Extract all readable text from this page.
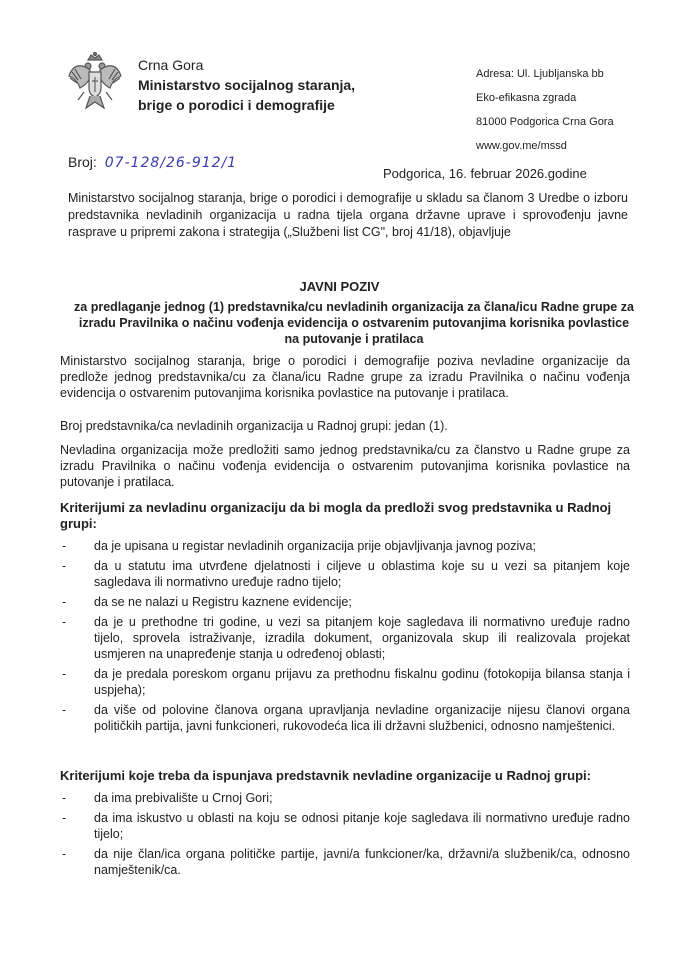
Crna Gora
Ministarstvo socijalnog staranja,
brige o porodici i demografije
Adresa: Ul. Ljubljanska bb
Eko-efikasna zgrada
81000 Podgorica Crna Gora
www.gov.me/mssd
Broj: 07-128/26-912/1
Podgorica, 16. februar 2026.godine
Ministarstvo socijalnog staranja, brige o porodici i demografije u skladu sa članom 3 Uredbe o izboru predstavnika nevladinih organizacija u radna tijela organa državne uprave i sprovođenju javne rasprave u pripremi zakona i strategija („Službeni list CG", broj 41/18), objavljuje
JAVNI POZIV
za predlaganje jednog (1) predstavnika/cu nevladinih organizacija za člana/icu Radne grupe za izradu Pravilnika o načinu vođenja evidencija o ostvarenim putovanjima korisnika povlastice na putovanje i pratilaca
Ministarstvo socijalnog staranja, brige o porodici i demografije poziva nevladine organizacije da predlože jednog predstavnika/cu za člana/icu Radne grupe za izradu Pravilnika o načinu vođenja evidencija o ostvarenim putovanjima korisnika povlastice na putovanje i pratilaca.
Broj predstavnika/ca nevladinih organizacija u Radnoj grupi: jedan (1).
Nevladina organizacija može predložiti samo jednog predstavnika/cu za članstvo u Radne grupe za izradu Pravilnika o načinu vođenja evidencija o ostvarenim putovanjima korisnika povlastice na putovanje i pratilaca.
Kriterijumi za nevladinu organizaciju da bi mogla da predloži svog predstavnika u Radnoj grupi:
- da je upisana u registar nevladinih organizacija prije objavljivanja javnog poziva;
- da u statutu ima utvrđene djelatnosti i ciljeve u oblastima koje su u vezi sa pitanjem koje sagledava ili normativno uređuje radno tijelo;
- da se ne nalazi u Registru kaznene evidencije;
- da je u prethodne tri godine, u vezi sa pitanjem koje sagledava ili normativno uređuje radno tijelo, sprovela istraživanje, izradila dokument, organizovala skup ili realizovala projekat usmjeren na unapređenje stanja u određenoj oblasti;
- da je predala poreskom organu prijavu za prethodnu fiskalnu godinu (fotokopija bilansa stanja i uspjeha);
- da više od polovine članova organa upravljanja nevladine organizacije nijesu članovi organa političkih partija, javni funkcioneri, rukovodeća lica ili državni službenici, odnosno namještenici.
Kriterijumi koje treba da ispunjava predstavnik nevladine organizacije u Radnoj grupi:
- da ima prebivalište u Crnoj Gori;
- da ima iskustvo u oblasti na koju se odnosi pitanje koje sagledava ili normativno uređuje radno tijelo;
- da nije član/ica organa političke partije, javni/a funkcioner/ka, državni/a službenik/ca, odnosno namještenik/ca.
